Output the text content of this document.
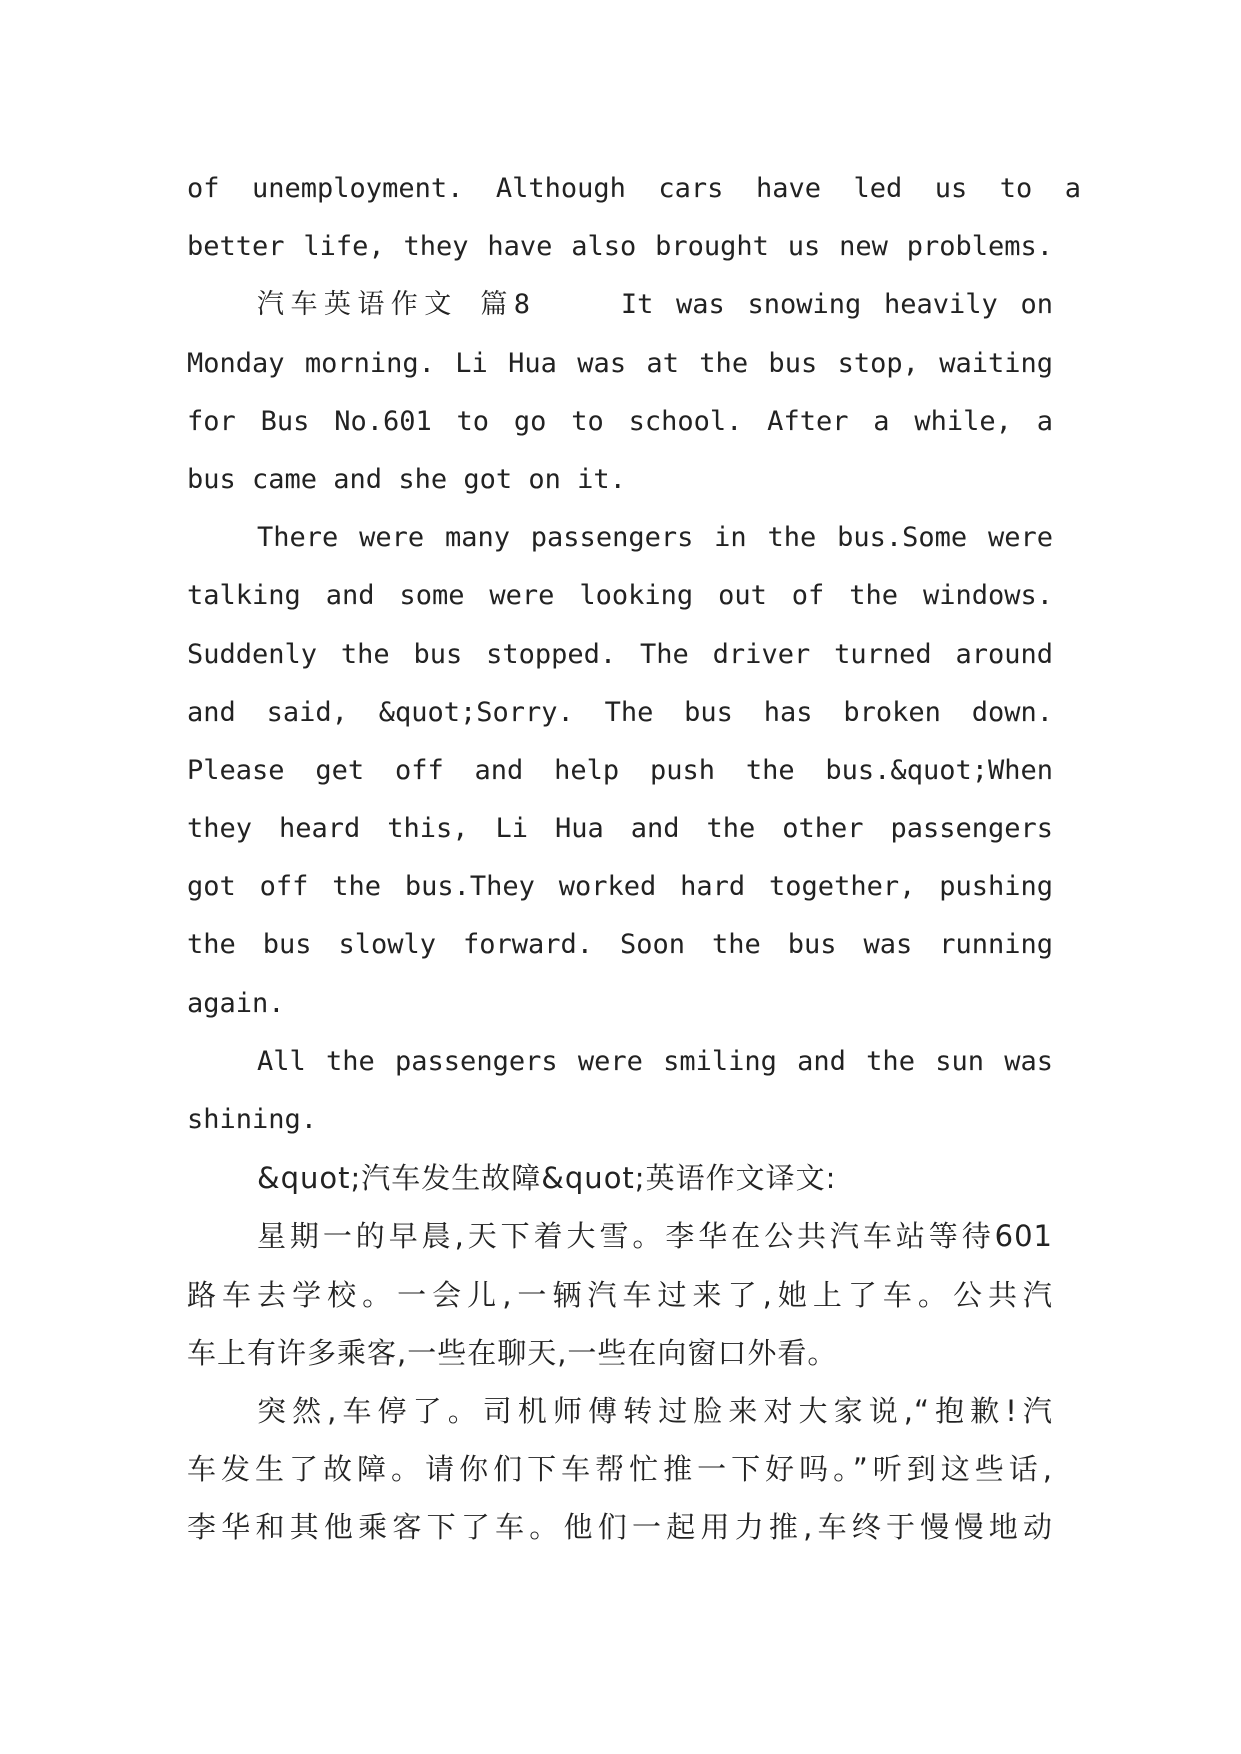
of  unemployment.  Although  cars  have  led  us  to  a
better life, they have also brought us new problems.
汽车英语作文 篇8    It was snowing heavily on
Monday morning. Li Hua was at the bus stop, waiting
for Bus No.601 to go to school. After a while, a
bus came and she got on it.
There were many passengers in the bus.Some were
talking and some were looking out of the windows.
Suddenly the bus stopped. The driver turned around
and said, &quot;Sorry. The bus has broken down.
Please get off and help push the bus.&quot;When
they heard this, Li Hua and the other passengers
got off the bus.They worked hard together, pushing
the bus slowly forward. Soon the bus was running
again.
All the passengers were smiling and the sun was
shining.
&quot;汽车发生故障&quot;英语作文译文:
星期一的早晨,天下着大雪。李华在公共汽车站等待601
路车去学校。一会儿,一辆汽车过来了,她上了车。公共汽
车上有许多乘客,一些在聊天,一些在向窗口外看。
突然,车停了。司机师傅转过脸来对大家说,“抱歉!汽
车发生了故障。请你们下车帮忙推一下好吗。”听到这些话,
李华和其他乘客下了车。他们一起用力推,车终于慢慢地动
